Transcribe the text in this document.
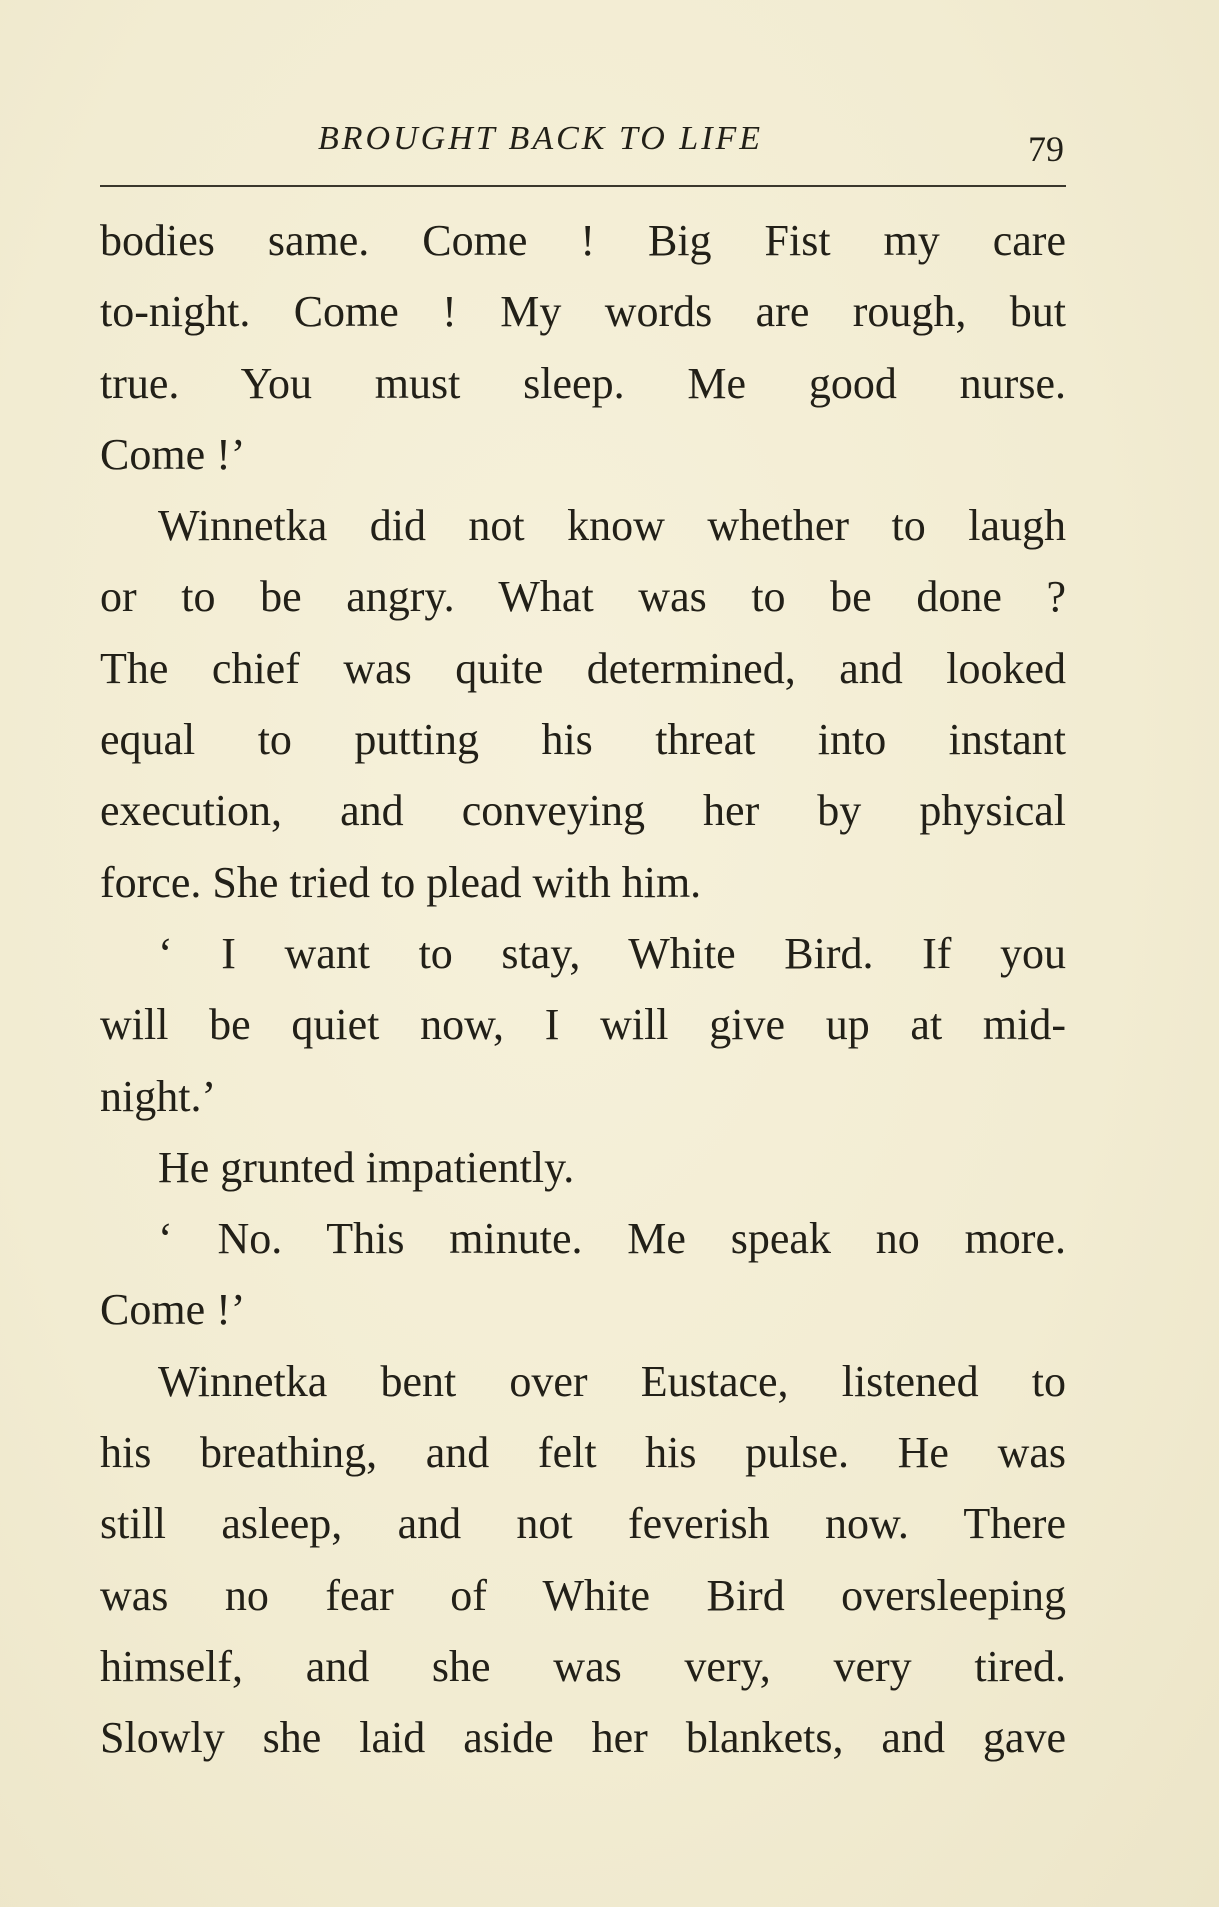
BROUGHT BACK TO LIFE	79
bodies same. Come ! Big Fist my care
to-night. Come ! My words are rough, but
true. You must sleep. Me good nurse.
Come !’
Winnetka did not know whether to laugh
or to be angry. What was to be done ?
The chief was quite determined, and looked
equal to putting his threat into instant
execution, and conveying her by physical
force. She tried to plead with him.
‘ I want to stay, White Bird. If you
will be quiet now, I will give up at mid-
night.’
He grunted impatiently.
‘ No. This minute. Me speak no more.
Come !’
Winnetka bent over Eustace, listened to
his breathing, and felt his pulse. He was
still asleep, and not feverish now. There
was no fear of White Bird oversleeping
himself, and she was very, very tired.
Slowly she laid aside her blankets, and gave
